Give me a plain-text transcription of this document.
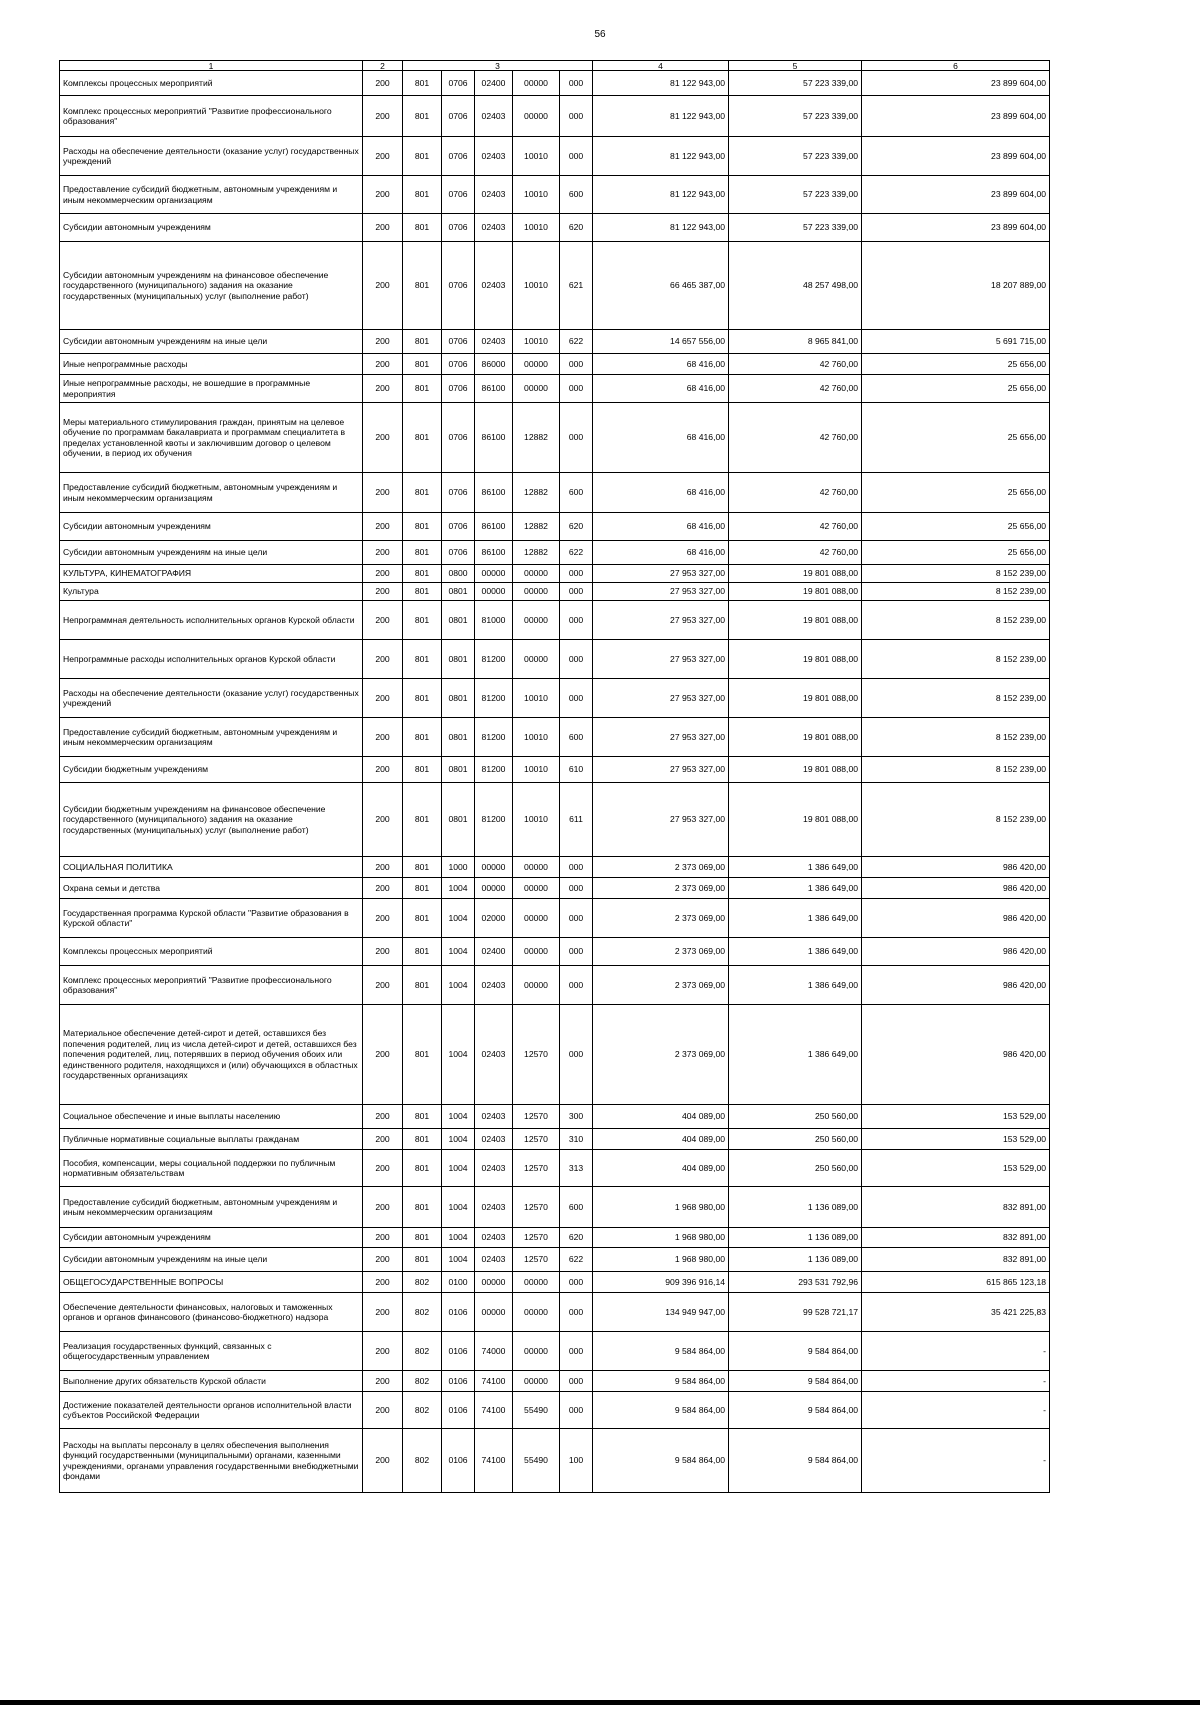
56
1	2	3					4	5	6
Комплексы процессных мероприятий	200	801	0706	02400	00000	000	81 122 943,00	57 223 339,00	23 899 604,00
Комплекс процессных мероприятий "Развитие профессионального образования"	200	801	0706	02403	00000	000	81 122 943,00	57 223 339,00	23 899 604,00
Расходы на обеспечение деятельности (оказание услуг) государственных учреждений	200	801	0706	02403	10010	000	81 122 943,00	57 223 339,00	23 899 604,00
Предоставление субсидий бюджетным, автономным учреждениям и иным некоммерческим организациям	200	801	0706	02403	10010	600	81 122 943,00	57 223 339,00	23 899 604,00
Субсидии автономным учреждениям	200	801	0706	02403	10010	620	81 122 943,00	57 223 339,00	23 899 604,00
Субсидии автономным учреждениям на финансовое обеспечение государственного (муниципального) задания на оказание государственных (муниципальных) услуг (выполнение работ)	200	801	0706	02403	10010	621	66 465 387,00	48 257 498,00	18 207 889,00
Субсидии автономным учреждениям на иные цели	200	801	0706	02403	10010	622	14 657 556,00	8 965 841,00	5 691 715,00
Иные непрограммные расходы	200	801	0706	86000	00000	000	68 416,00	42 760,00	25 656,00
Иные непрограммные расходы, не вошедшие в программные мероприятия	200	801	0706	86100	00000	000	68 416,00	42 760,00	25 656,00
Меры материального стимулирования граждан, принятым на целевое обучение по программам бакалавриата и программам специалитета в пределах установленной квоты и заключившим договор о целевом обучении, в период их обучения	200	801	0706	86100	12882	000	68 416,00	42 760,00	25 656,00
Предоставление субсидий бюджетным, автономным учреждениям и иным некоммерческим организациям	200	801	0706	86100	12882	600	68 416,00	42 760,00	25 656,00
Субсидии автономным учреждениям	200	801	0706	86100	12882	620	68 416,00	42 760,00	25 656,00
Субсидии автономным учреждениям на иные цели	200	801	0706	86100	12882	622	68 416,00	42 760,00	25 656,00
КУЛЬТУРА, КИНЕМАТОГРАФИЯ	200	801	0800	00000	00000	000	27 953 327,00	19 801 088,00	8 152 239,00
Культура	200	801	0801	00000	00000	000	27 953 327,00	19 801 088,00	8 152 239,00
Непрограммная деятельность исполнительных органов Курской области	200	801	0801	81000	00000	000	27 953 327,00	19 801 088,00	8 152 239,00
Непрограммные расходы исполнительных органов Курской области	200	801	0801	81200	00000	000	27 953 327,00	19 801 088,00	8 152 239,00
Расходы на обеспечение деятельности (оказание услуг) государственных учреждений	200	801	0801	81200	10010	000	27 953 327,00	19 801 088,00	8 152 239,00
Предоставление субсидий бюджетным, автономным учреждениям и иным некоммерческим организациям	200	801	0801	81200	10010	600	27 953 327,00	19 801 088,00	8 152 239,00
Субсидии бюджетным учреждениям	200	801	0801	81200	10010	610	27 953 327,00	19 801 088,00	8 152 239,00
Субсидии бюджетным учреждениям на финансовое обеспечение государственного (муниципального) задания на оказание государственных (муниципальных) услуг (выполнение работ)	200	801	0801	81200	10010	611	27 953 327,00	19 801 088,00	8 152 239,00
СОЦИАЛЬНАЯ ПОЛИТИКА	200	801	1000	00000	00000	000	2 373 069,00	1 386 649,00	986 420,00
Охрана семьи и детства	200	801	1004	00000	00000	000	2 373 069,00	1 386 649,00	986 420,00
Государственная программа Курской области "Развитие образования в Курской области"	200	801	1004	02000	00000	000	2 373 069,00	1 386 649,00	986 420,00
Комплексы процессных мероприятий	200	801	1004	02400	00000	000	2 373 069,00	1 386 649,00	986 420,00
Комплекс процессных мероприятий "Развитие профессионального образования"	200	801	1004	02403	00000	000	2 373 069,00	1 386 649,00	986 420,00
Материальное обеспечение детей-сирот и детей, оставшихся без попечения родителей, лиц из числа детей-сирот и детей, оставшихся без попечения родителей, лиц, потерявших в период обучения обоих или единственного родителя, находящихся и (или) обучающихся в областных государственных организациях	200	801	1004	02403	12570	000	2 373 069,00	1 386 649,00	986 420,00
Социальное обеспечение и иные выплаты населению	200	801	1004	02403	12570	300	404 089,00	250 560,00	153 529,00
Публичные нормативные социальные выплаты гражданам	200	801	1004	02403	12570	310	404 089,00	250 560,00	153 529,00
Пособия, компенсации, меры социальной поддержки по публичным нормативным обязательствам	200	801	1004	02403	12570	313	404 089,00	250 560,00	153 529,00
Предоставление субсидий бюджетным, автономным учреждениям и иным некоммерческим организациям	200	801	1004	02403	12570	600	1 968 980,00	1 136 089,00	832 891,00
Субсидии автономным учреждениям	200	801	1004	02403	12570	620	1 968 980,00	1 136 089,00	832 891,00
Субсидии автономным учреждениям на иные цели	200	801	1004	02403	12570	622	1 968 980,00	1 136 089,00	832 891,00
ОБЩЕГОСУДАРСТВЕННЫЕ ВОПРОСЫ	200	802	0100	00000	00000	000	909 396 916,14	293 531 792,96	615 865 123,18
Обеспечение деятельности финансовых, налоговых и таможенных органов и органов финансового (финансово-бюджетного) надзора	200	802	0106	00000	00000	000	134 949 947,00	99 528 721,17	35 421 225,83
Реализация государственных функций, связанных с общегосударственным управлением	200	802	0106	74000	00000	000	9 584 864,00	9 584 864,00	-
Выполнение других обязательств Курской области	200	802	0106	74100	00000	000	9 584 864,00	9 584 864,00	-
Достижение показателей деятельности органов исполнительной власти субъектов Российской Федерации	200	802	0106	74100	55490	000	9 584 864,00	9 584 864,00	-
Расходы на выплаты персоналу в целях обеспечения выполнения функций государственными (муниципальными) органами, казенными учреждениями, органами управления государственными внебюджетными фондами	200	802	0106	74100	55490	100	9 584 864,00	9 584 864,00	-
